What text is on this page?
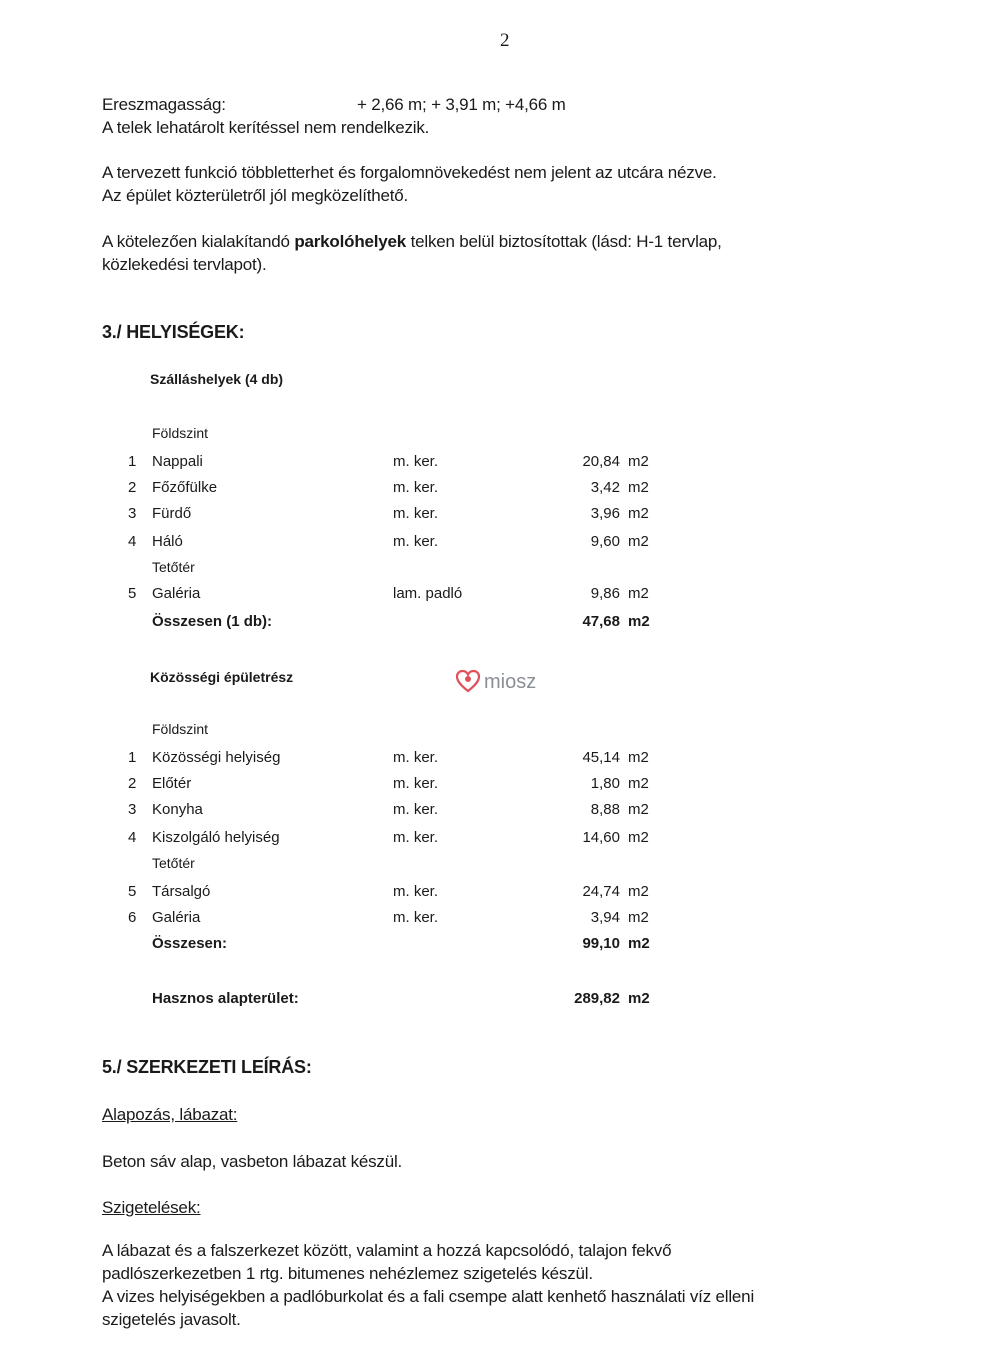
2
Ereszmagasság:	+ 2,66 m; + 3,91 m; +4,66 m
A telek lehatárolt kerítéssel nem rendelkezik.
A tervezett funkció többletterhet és forgalomnövekedést nem jelent az utcára nézve.
Az épület közterületről jól megközelíthető.
A kötelezően kialakítandó parkolóhelyek telken belül biztosítottak (lásd: H-1 tervlap,
közlekedési tervlapot).
3./ HELYISÉGEK:
Szálláshelyek (4 db)
Földszint
1 Nappali	m. ker.	20,84 m2
2 Főzőfülke	m. ker.	3,42 m2
3 Fürdő	m. ker.	3,96 m2
4 Háló	m. ker.	9,60 m2
Tetőtér
5 Galéria	lam. padló	9,86 m2
Összesen (1 db):	47,68 m2
miosz
Közösségi épületrész
Földszint
1 Közösségi helyiség	m. ker.	45,14 m2
2 Előtér	m. ker.	1,80 m2
3 Konyha	m. ker.	8,88 m2
4 Kiszolgáló helyiség	m. ker.	14,60 m2
Tetőtér
5 Társalgó	m. ker.	24,74 m2
6 Galéria	m. ker.	3,94 m2
Összesen:	99,10 m2
Hasznos alapterület:	289,82 m2
5./ SZERKEZETI LEÍRÁS:
Alapozás, lábazat:
Beton sáv alap, vasbeton lábazat készül.
Szigetelések:
A lábazat és a falszerkezet között, valamint a hozzá kapcsolódó, talajon fekvő
padlószerkezetben 1 rtg. bitumenes nehézlemez szigetelés készül.
A vizes helyiségekben a padlóburkolat és a fali csempe alatt kenhető használati víz elleni
szigetelés javasolt.
